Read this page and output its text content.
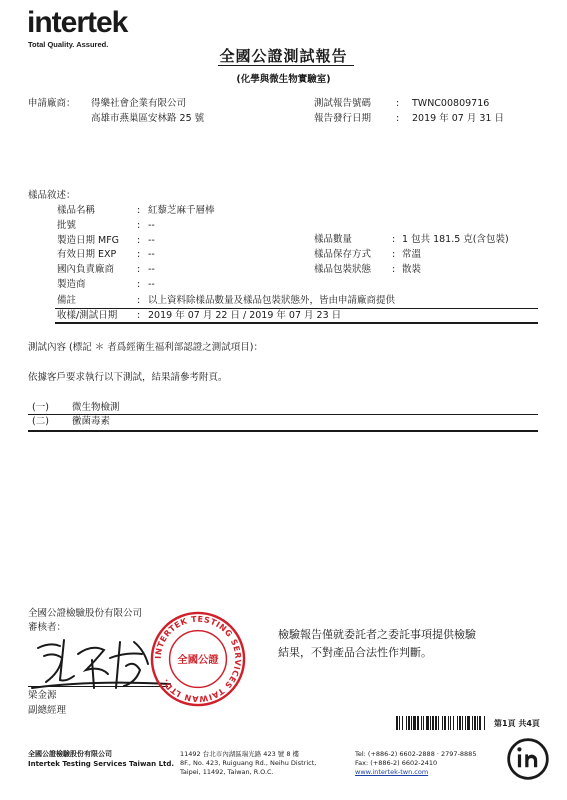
intertek
Total Quality. Assured.
全國公證測試報告
(化學與微生物實驗室)
申請廠商： 得樂社會企業有限公司
高雄市燕巢區安林路 25 號
測試報告號碼	: TWNC00809716
報告發行日期	: 2019 年 07 月 31 日
樣品敘述：
樣品名稱	: 紅藜芝麻千層棒
批號	: --
製造日期 MFG : --
有效日期 EXP : --
國內負責廠商 : --
製造商	: --
樣品數量	: 1 包共 181.5 克(含包裝)
樣品保存方式 : 常溫
樣品包裝狀態 : 散裝
備註	: 以上資料除樣品數量及樣品包裝狀態外，皆由申請廠商提供
收樣/測試日期 : 2019 年 07 月 22 日 / 2019 年 07 月 23 日
測試內容 (標記 ＊ 者爲經衛生福利部認證之測試項目)：
依據客戶要求執行以下測試，結果請參考附頁。
(一) 微生物檢測
(二) 黴菌毒素
全國公證檢驗股份有限公司
審核者：
梁金源
副總經理
INTERTEK TESTING SERVICES TAIWAN LTD.
全國公證
檢驗報告僅就委託者之委託事項提供檢驗
結果，不對產品合法性作判斷。
第1頁 共4頁
全國公證檢驗股份有限公司
Intertek Testing Services Taiwan Ltd.
11492 台北市內湖區瑞光路 423 號 8 樓
8F., No. 423, Ruiguang Rd., Neihu District,
Taipei, 11492, Taiwan, R.O.C.
Tel: (+886-2) 6602-2888 · 2797-8885
Fax: (+886-2) 6602-2410
www.intertek-twn.com
